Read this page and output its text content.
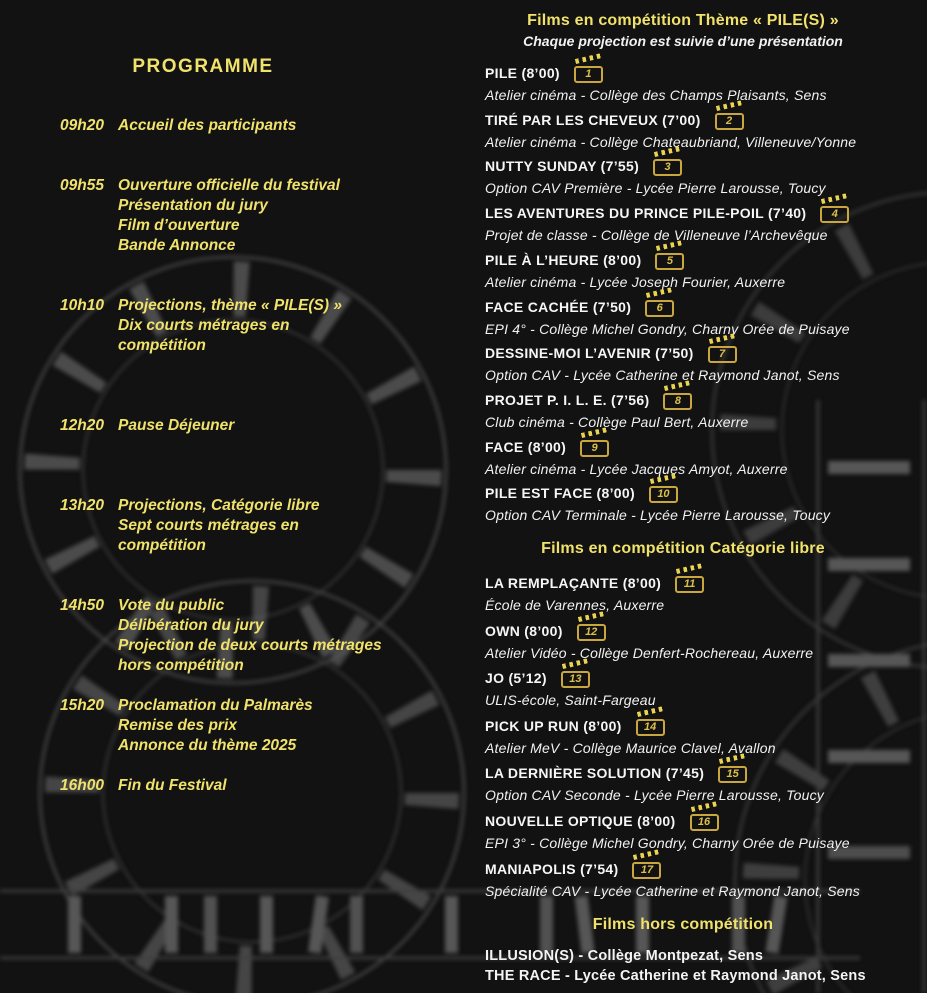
PROGRAMME
09h20 Accueil des participants
09h55 Ouverture officielle du festival
Présentation du jury
Film d’ouverture
Bande Annonce
10h10 Projections, thème « PILE(S) »
Dix courts métrages en
compétition
12h20 Pause Déjeuner
13h20 Projections, Catégorie libre
Sept courts métrages en
compétition
14h50 Vote du public
Délibération du jury
Projection de deux courts métrages
hors compétition
15h20 Proclamation du Palmarès
Remise des prix
Annonce du thème 2025
16h00 Fin du Festival
Films en compétition Thème « PILE(S) »
Chaque projection est suivie d’une présentation
PILE (8’00)	1
Atelier cinéma - Collège des Champs Plaisants, Sens
TIRÉ PAR LES CHEVEUX (7’00)	2
Atelier cinéma - Collège Chateaubriand, Villeneuve/Yonne
NUTTY SUNDAY (7’55)	3
Option CAV Première - Lycée Pierre Larousse, Toucy
LES AVENTURES DU PRINCE PILE-POIL (7’40)	4
Projet de classe - Collège de Villeneuve l’Archevêque
PILE À L’HEURE (8’00)	5
Atelier cinéma - Lycée Joseph Fourier, Auxerre
FACE CACHÉE (7’50)	6
EPI 4° - Collège Michel Gondry, Charny Orée de Puisaye
DESSINE-MOI L’AVENIR (7’50)	7
Option CAV - Lycée Catherine et Raymond Janot, Sens
PROJET P. I. L. E. (7’56)	8
Club cinéma - Collège Paul Bert, Auxerre
FACE (8’00)	9
Atelier cinéma - Lycée Jacques Amyot, Auxerre
PILE EST FACE (8’00)	10
Option CAV Terminale - Lycée Pierre Larousse, Toucy
Films en compétition Catégorie libre
LA REMPLAÇANTE (8’00)	11
École de Varennes, Auxerre
OWN (8’00)	12
Atelier Vidéo - Collège Denfert-Rochereau, Auxerre
JO (5’12)	13
ULIS-école, Saint-Fargeau
PICK UP RUN (8’00)	14
Atelier MeV - Collège Maurice Clavel, Avallon
LA DERNIÈRE SOLUTION (7’45)	15
Option CAV Seconde - Lycée Pierre Larousse, Toucy
NOUVELLE OPTIQUE (8’00)	16
EPI 3° - Collège Michel Gondry, Charny Orée de Puisaye
MANIAPOLIS (7’54)	17
Spécialité CAV - Lycée Catherine et Raymond Janot, Sens
Films hors compétition
ILLUSION(S) - Collège Montpezat, Sens
THE RACE - Lycée Catherine et Raymond Janot, Sens
